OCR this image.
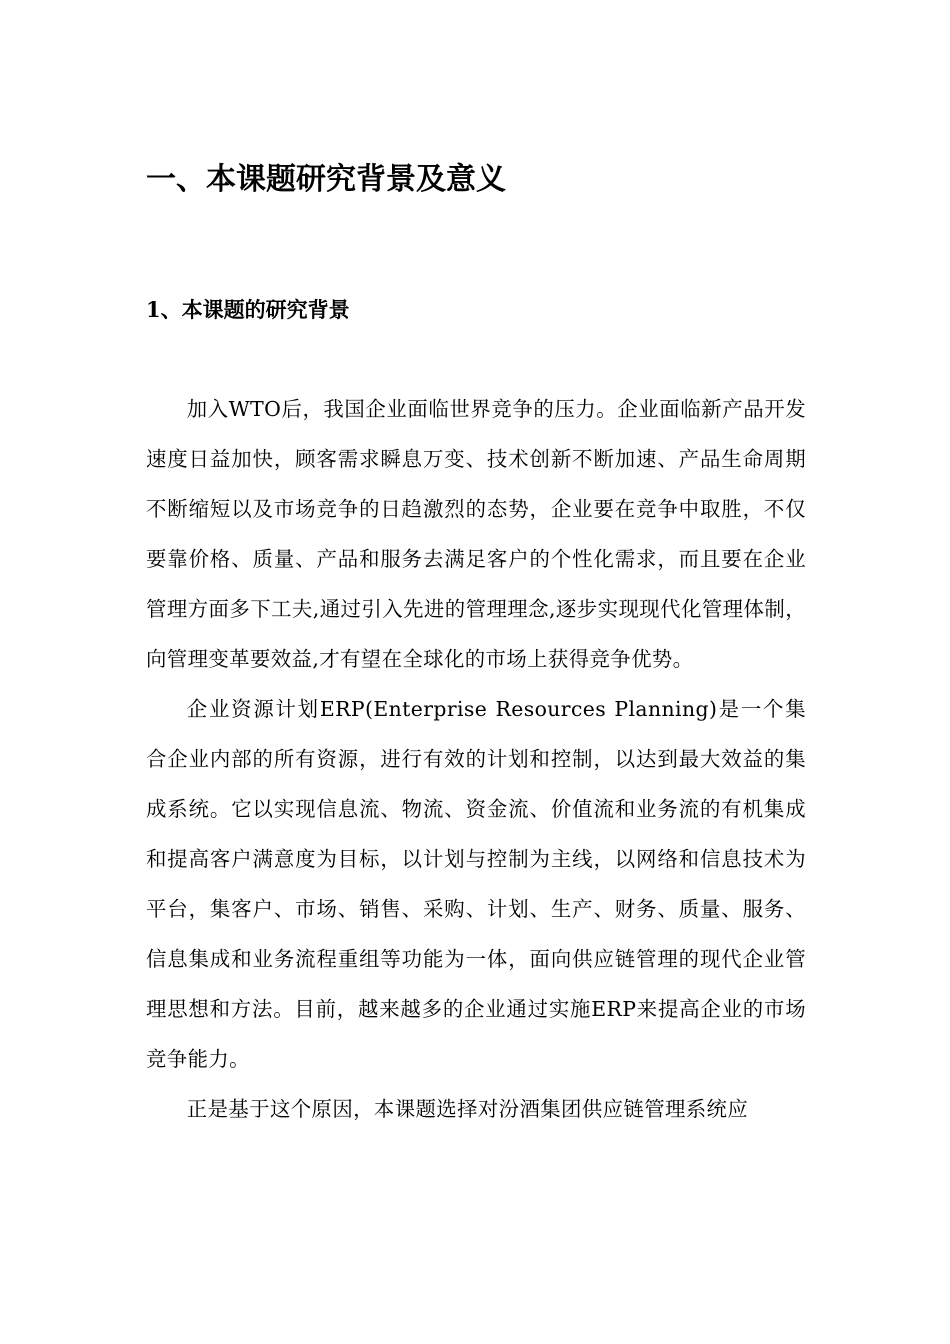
一、本课题研究背景及意义
1、本课题的研究背景

加入WTO后，我国企业面临世界竞争的压力。企业面临新产品开发速度日益加快，顾客需求瞬息万变、技术创新不断加速、产品生命周期不断缩短以及市场竞争的日趋激烈的态势，企业要在竞争中取胜，不仅要靠价格、质量、产品和服务去满足客户的个性化需求，而且要在企业管理方面多下工夫,通过引入先进的管理理念,逐步实现现代化管理体制，向管理变革要效益,才有望在全球化的市场上获得竞争优势。

企业资源计划ERP(Enterprise Resources Planning)是一个集合企业内部的所有资源，进行有效的计划和控制，以达到最大效益的集成系统。它以实现信息流、物流、资金流、价值流和业务流的有机集成和提高客户满意度为目标，以计划与控制为主线，以网络和信息技术为平台，集客户、市场、销售、采购、计划、生产、财务、质量、服务、信息集成和业务流程重组等功能为一体，面向供应链管理的现代企业管理思想和方法。目前，越来越多的企业通过实施ERP来提高企业的市场竞争能力。

正是基于这个原因，本课题选择对汾酒集团供应链管理系统应
